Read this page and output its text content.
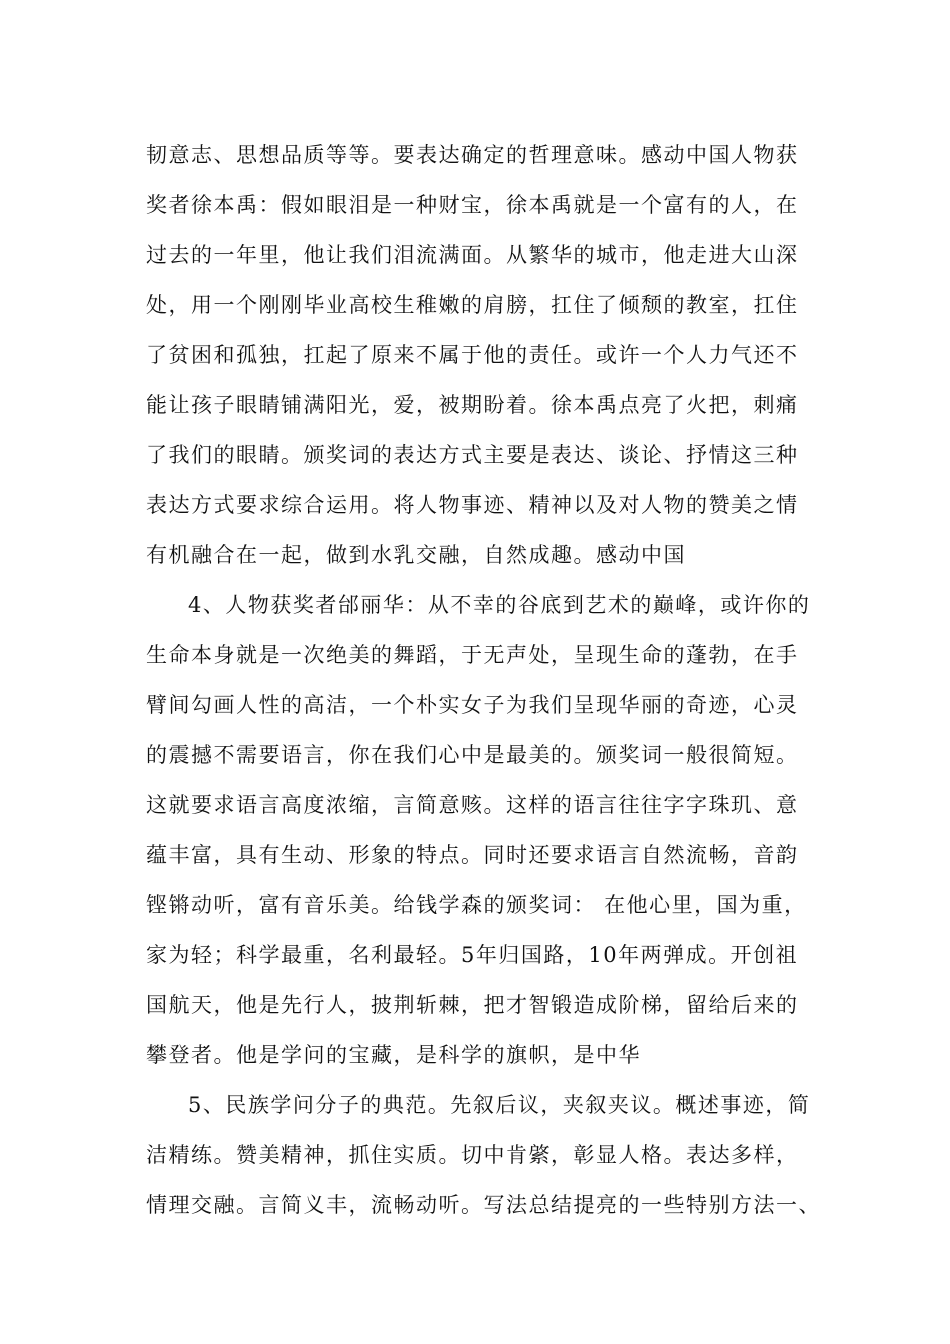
韧意志、思想品质等等。要表达确定的哲理意味。感动中国人物获
奖者徐本禹：假如眼泪是一种财宝，徐本禹就是一个富有的人，在
过去的一年里，他让我们泪流满面。从繁华的城市，他走进大山深
处，用一个刚刚毕业高校生稚嫩的肩膀，扛住了倾颓的教室，扛住
了贫困和孤独，扛起了原来不属于他的责任。或许一个人力气还不
能让孩子眼睛铺满阳光，爱，被期盼着。徐本禹点亮了火把，刺痛
了我们的眼睛。颁奖词的表达方式主要是表达、谈论、抒情这三种
表达方式要求综合运用。将人物事迹、精神以及对人物的赞美之情
有机融合在一起，做到水乳交融，自然成趣。感动中国
4、人物获奖者邰丽华：从不幸的谷底到艺术的巅峰，或许你的
生命本身就是一次绝美的舞蹈，于无声处，呈现生命的蓬勃，在手
臂间勾画人性的高洁，一个朴实女子为我们呈现华丽的奇迹，心灵
的震撼不需要语言，你在我们心中是最美的。颁奖词一般很简短。
这就要求语言高度浓缩，言简意赅。这样的语言往往字字珠玑、意
蕴丰富，具有生动、形象的特点。同时还要求语言自然流畅，音韵
铿锵动听，富有音乐美。给钱学森的颁奖词： 在他心里，国为重，
家为轻；科学最重，名利最轻。5年归国路，10年两弹成。开创祖
国航天，他是先行人，披荆斩棘，把才智锻造成阶梯，留给后来的
攀登者。他是学问的宝藏，是科学的旗帜，是中华
5、民族学问分子的典范。先叙后议，夹叙夹议。概述事迹，简
洁精练。赞美精神，抓住实质。切中肯綮，彰显人格。表达多样，
情理交融。言简义丰，流畅动听。写法总结提亮的一些特别方法一、
